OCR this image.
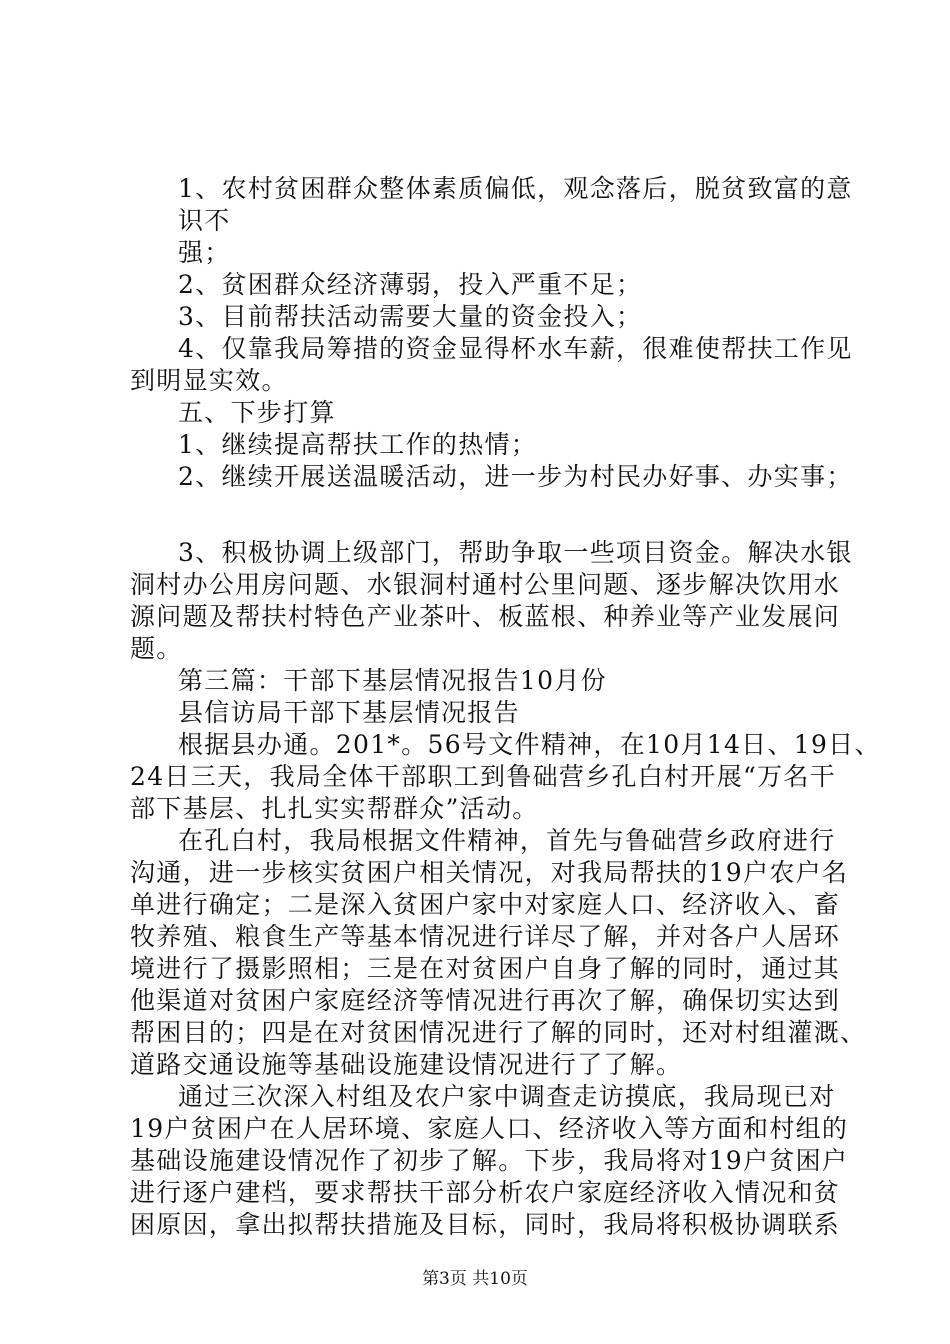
1、农村贫困群众整体素质偏低，观念落后，脱贫致富的意
识不
强；
2、贫困群众经济薄弱，投入严重不足；
3、目前帮扶活动需要大量的资金投入；
4、仅靠我局筹措的资金显得杯水车薪，很难使帮扶工作见
到明显实效。
五、下步打算
1、继续提高帮扶工作的热情；
2、继续开展送温暖活动，进一步为村民办好事、办实事；
3、积极协调上级部门，帮助争取一些项目资金。解决水银
洞村办公用房问题、水银洞村通村公里问题、逐步解决饮用水
源问题及帮扶村特色产业茶叶、板蓝根、种养业等产业发展问
题。
第三篇：干部下基层情况报告10月份
县信访局干部下基层情况报告
根据县办通。201*。56号文件精神，在10月14日、19日、
24日三天，我局全体干部职工到鲁础营乡孔白村开展“万名干
部下基层、扎扎实实帮群众”活动。
在孔白村，我局根据文件精神，首先与鲁础营乡政府进行
沟通，进一步核实贫困户相关情况，对我局帮扶的19户农户名
单进行确定；二是深入贫困户家中对家庭人口、经济收入、畜
牧养殖、粮食生产等基本情况进行详尽了解，并对各户人居环
境进行了摄影照相；三是在对贫困户自身了解的同时，通过其
他渠道对贫困户家庭经济等情况进行再次了解，确保切实达到
帮困目的；四是在对贫困情况进行了解的同时，还对村组灌溉、
道路交通设施等基础设施建设情况进行了了解。
通过三次深入村组及农户家中调查走访摸底，我局现已对
19户贫困户在人居环境、家庭人口、经济收入等方面和村组的
基础设施建设情况作了初步了解。下步，我局将对19户贫困户
进行逐户建档，要求帮扶干部分析农户家庭经济收入情况和贫
困原因，拿出拟帮扶措施及目标，同时，我局将积极协调联系
第3页 共10页
